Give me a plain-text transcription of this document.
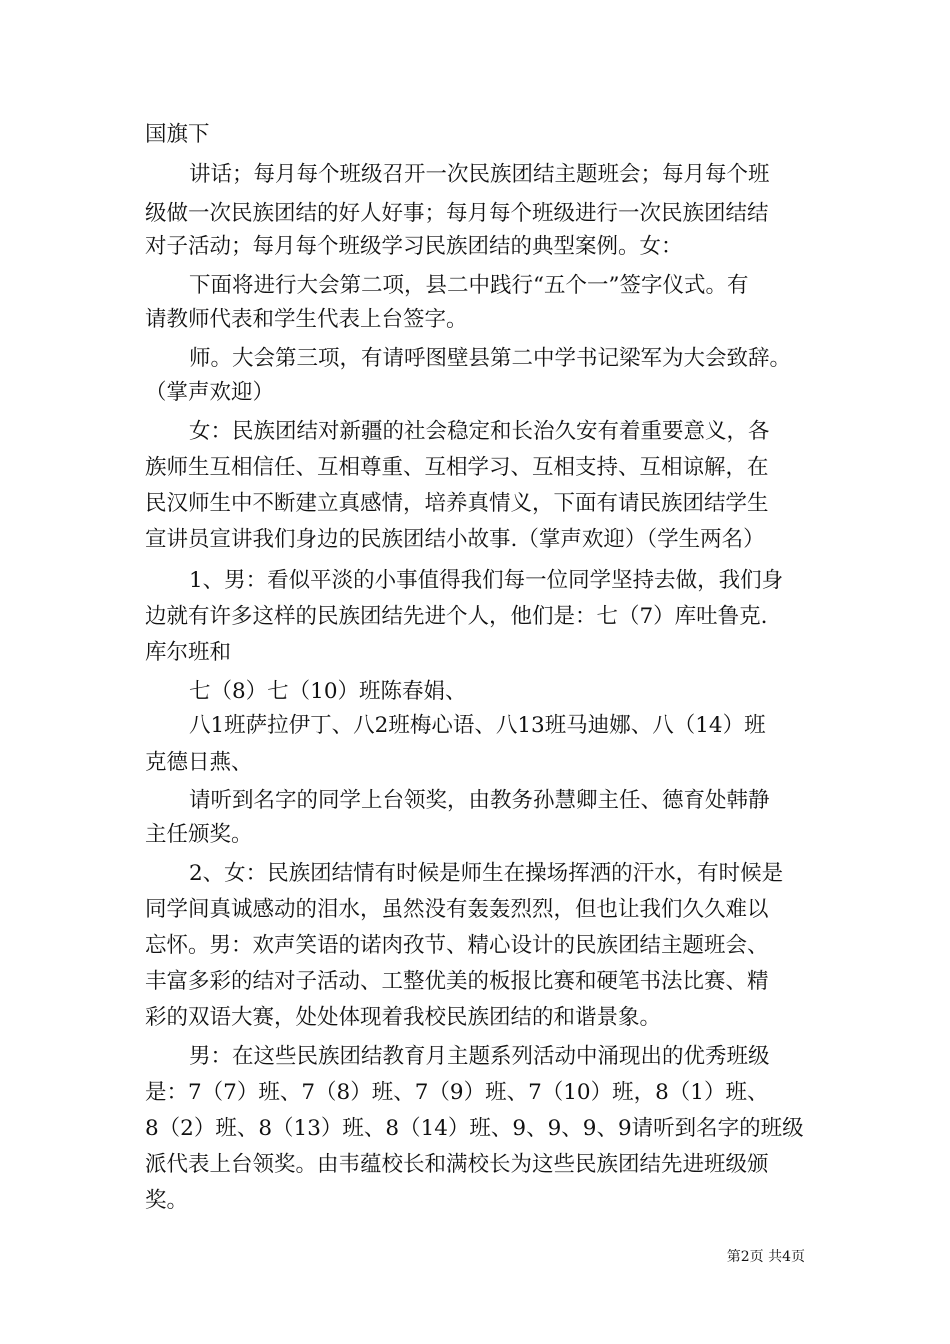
国旗下
讲话；每月每个班级召开一次民族团结主题班会；每月每个班
级做一次民族团结的好人好事；每月每个班级进行一次民族团结结
对子活动；每月每个班级学习民族团结的典型案例。女：
下面将进行大会第二项，县二中践行“五个一”签字仪式。有
请教师代表和学生代表上台签字。
师。大会第三项，有请呼图壁县第二中学书记梁军为大会致辞。
（掌声欢迎）
女：民族团结对新疆的社会稳定和长治久安有着重要意义，各
族师生互相信任、互相尊重、互相学习、互相支持、互相谅解，在
民汉师生中不断建立真感情，培养真情义，下面有请民族团结学生
宣讲员宣讲我们身边的民族团结小故事.（掌声欢迎）（学生两名）
1、男：看似平淡的小事值得我们每一位同学坚持去做，我们身
边就有许多这样的民族团结先进个人，他们是：七（7）库吐鲁克.
库尔班和
七（8）七（10）班陈春娟、
八1班萨拉伊丁、八2班梅心语、八13班马迪娜、八（14）班
克德日燕、
请听到名字的同学上台领奖，由教务孙慧卿主任、德育处韩静
主任颁奖。
2、女：民族团结情有时候是师生在操场挥洒的汗水，有时候是
同学间真诚感动的泪水，虽然没有轰轰烈烈，但也让我们久久难以
忘怀。男：欢声笑语的诺肉孜节、精心设计的民族团结主题班会、
丰富多彩的结对子活动、工整优美的板报比赛和硬笔书法比赛、精
彩的双语大赛，处处体现着我校民族团结的和谐景象。
男：在这些民族团结教育月主题系列活动中涌现出的优秀班级
是：7（7）班、7（8）班、7（9）班、7（10）班，8（1）班、
8（2）班、8（13）班、8（14）班、9、9、9、9请听到名字的班级
派代表上台领奖。由韦蕴校长和满校长为这些民族团结先进班级颁
奖。
第2页 共4页
